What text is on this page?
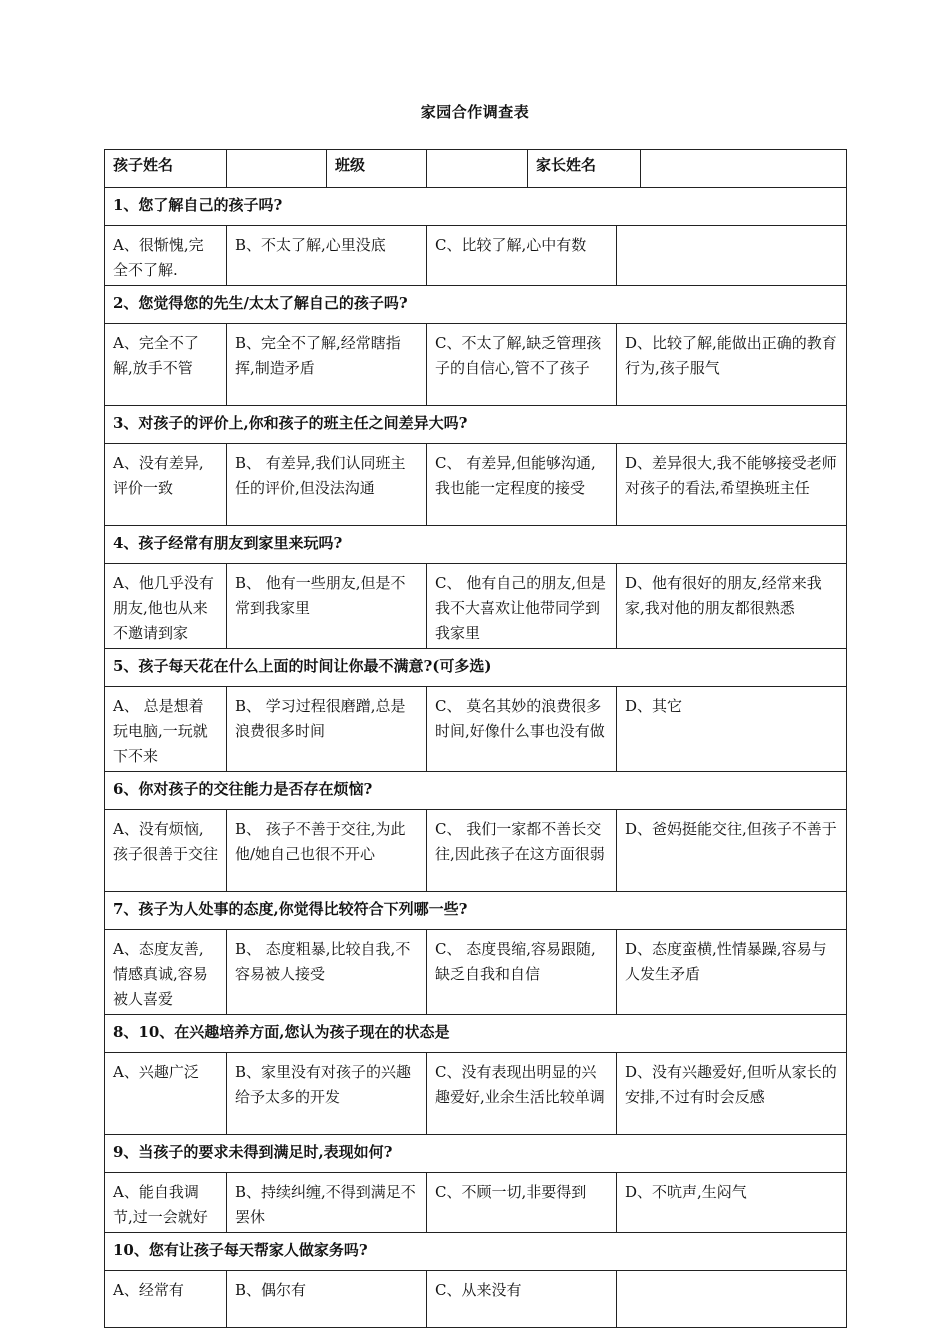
家园合作调查表
孩子姓名		班级		家长姓名		
1、您了解自己的孩子吗?						
A、很惭愧,完全不了解.	B、不太了解,心里没底		C、比较了解,心中有数			
2、您觉得您的先生/太太了解自己的孩子吗?						
A、完全不了解,放手不管	B、完全不了解,经常瞎指挥,制造矛盾		C、不太了解,缺乏管理孩子的自信心,管不了孩子		D、比较了解,能做出正确的教育行为,孩子服气	
3、对孩子的评价上,你和孩子的班主任之间差异大吗?						
A、没有差异,评价一致	B、 有差异,我们认同班主任的评价,但没法沟通		C、 有差异,但能够沟通,我也能一定程度的接受		D、差异很大,我不能够接受老师对孩子的看法,希望换班主任	
4、孩子经常有朋友到家里来玩吗?						
A、他几乎没有朋友,他也从来不邀请到家	B、 他有一些朋友,但是不常到我家里		C、 他有自己的朋友,但是我不大喜欢让他带同学到我家里		D、他有很好的朋友,经常来我家,我对他的朋友都很熟悉	
5、孩子每天花在什么上面的时间让你最不满意?(可多选)						
A、 总是想着玩电脑,一玩就下不来	B、 学习过程很磨蹭,总是浪费很多时间		C、 莫名其妙的浪费很多时间,好像什么事也没有做		D、其它	
6、你对孩子的交往能力是否存在烦恼?						
A、没有烦恼,孩子很善于交往	B、 孩子不善于交往,为此他/她自己也很不开心		C、 我们一家都不善长交往,因此孩子在这方面很弱		D、爸妈挺能交往,但孩子不善于	
7、孩子为人处事的态度,你觉得比较符合下列哪一些?						
A、态度友善,情感真诚,容易被人喜爱	B、 态度粗暴,比较自我,不容易被人接受		C、 态度畏缩,容易跟随,缺乏自我和自信		D、态度蛮横,性情暴躁,容易与人发生矛盾	
8、10、在兴趣培养方面,您认为孩子现在的状态是						
A、兴趣广泛	B、家里没有对孩子的兴趣给予太多的开发		C、没有表现出明显的兴趣爱好,业余生活比较单调		D、没有兴趣爱好,但听从家长的安排,不过有时会反感	
9、当孩子的要求未得到满足时,表现如何?						
A、能自我调节,过一会就好	B、持续纠缠,不得到满足不罢休		C、不顾一切,非要得到		D、不吭声,生闷气	
10、您有让孩子每天帮家人做家务吗?						
A、经常有	B、偶尔有		C、从来没有			
